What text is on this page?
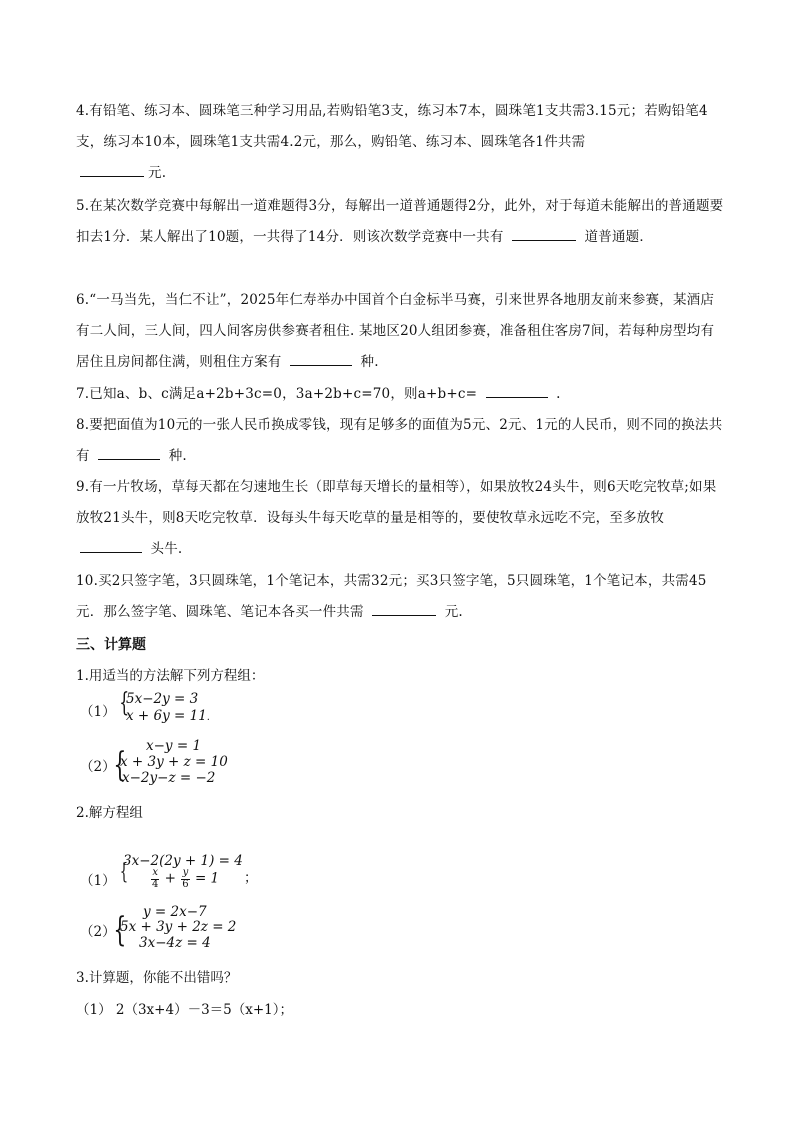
4.有铅笔、练习本、圆珠笔三种学习用品,若购铅笔3支，练习本7本，圆珠笔1支共需3.15元；若购铅笔4支，练习本10本，圆珠笔1支共需4.2元，那么，购铅笔、练习本、圆珠笔各1件共需
元.
5.在某次数学竞赛中每解出一道难题得3分，每解出一道普通题得2分，此外，对于每道未能解出的普通题要扣去1分．某人解出了10题，一共得了14分．则该次数学竞赛中一共有	道普通题．
6.“一马当先，当仁不让”，2025年仁寿举办中国首个白金标半马赛，引来世界各地朋友前来参赛，某酒店有二人间，三人间，四人间客房供参赛者租住. 某地区20人组团参赛，准备租住客房7间，若每种房型均有居住且房间都住满，则租住方案有	种.
7.已知a、b、c满足a+2b+3c=0，3a+2b+c=70，则a+b+c=	.
8.要把面值为10元的一张人民币换成零钱，现有足够多的面值为5元、2元、1元的人民币，则不同的换法共有	种.
9.有一片牧场，草每天都在匀速地生长（即草每天增长的量相等），如果放牧24头牛，则6天吃完牧草;如果放牧21头牛，则8天吃完牧草．设每头牛每天吃草的量是相等的，要使牧草永远吃不完，至多放牧  头牛.
10.买2只签字笔，3只圆珠笔，1个笔记本，共需32元；买3只签字笔，5只圆珠笔，1个笔记本，共需45元．那么签字笔、圆珠笔、笔记本各买一件共需	元.
三、计算题
1.用适当的方法解下列方程组：
（1） {
5x−2y = 3
x + 6y = 11.
（2）
{ x−y = 1
x + 3y + z = 10
x−2y−z = −2
2.解方程组
（1） {
3x−2(2y + 1) = 4
$\frac{x}{4} + \frac{y}{6} = 1$ ；
（2）
{ y = 2x−7
5x + 3y + 2z = 2
3x−4z = 4
3.计算题，你能不出错吗？
（1） 2（3x+4）－3＝5（x+1）；
